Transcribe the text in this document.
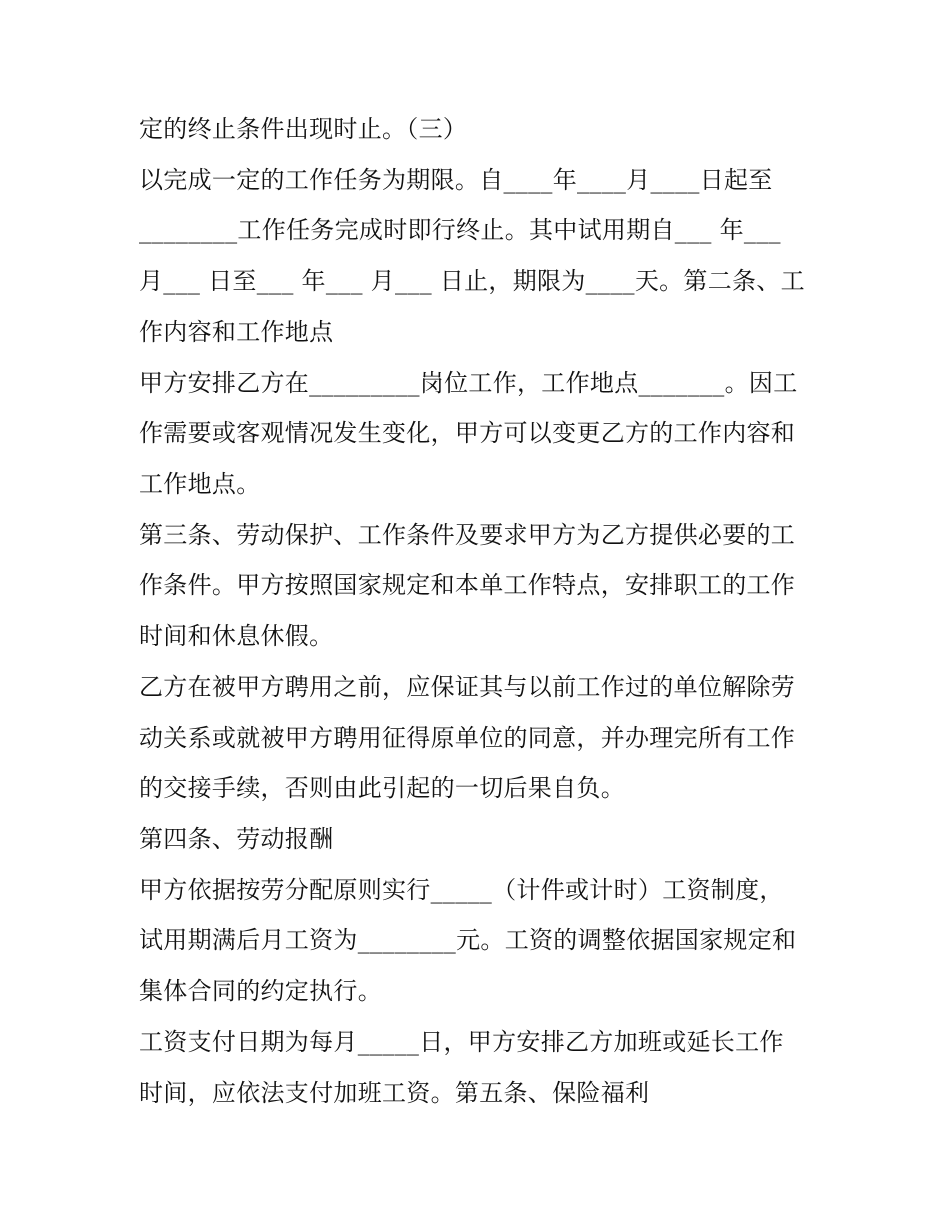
定的终止条件出现时止。（三）
以完成一定的工作任务为期限。自____年____月____日起至
________工作任务完成时即行终止。其中试用期自___ 年___
月___ 日至___ 年___ 月___ 日止，期限为____天。第二条、工
作内容和工作地点
甲方安排乙方在_________岗位工作，工作地点_______。因工
作需要或客观情况发生变化，甲方可以变更乙方的工作内容和
工作地点。
第三条、劳动保护、工作条件及要求甲方为乙方提供必要的工
作条件。甲方按照国家规定和本单工作特点，安排职工的工作
时间和休息休假。
乙方在被甲方聘用之前，应保证其与以前工作过的单位解除劳
动关系或就被甲方聘用征得原单位的同意，并办理完所有工作
的交接手续，否则由此引起的一切后果自负。
第四条、劳动报酬
甲方依据按劳分配原则实行_____（计件或计时）工资制度，
试用期满后月工资为________元。工资的调整依据国家规定和
集体合同的约定执行。
工资支付日期为每月_____日，甲方安排乙方加班或延长工作
时间，应依法支付加班工资。第五条、保险福利
